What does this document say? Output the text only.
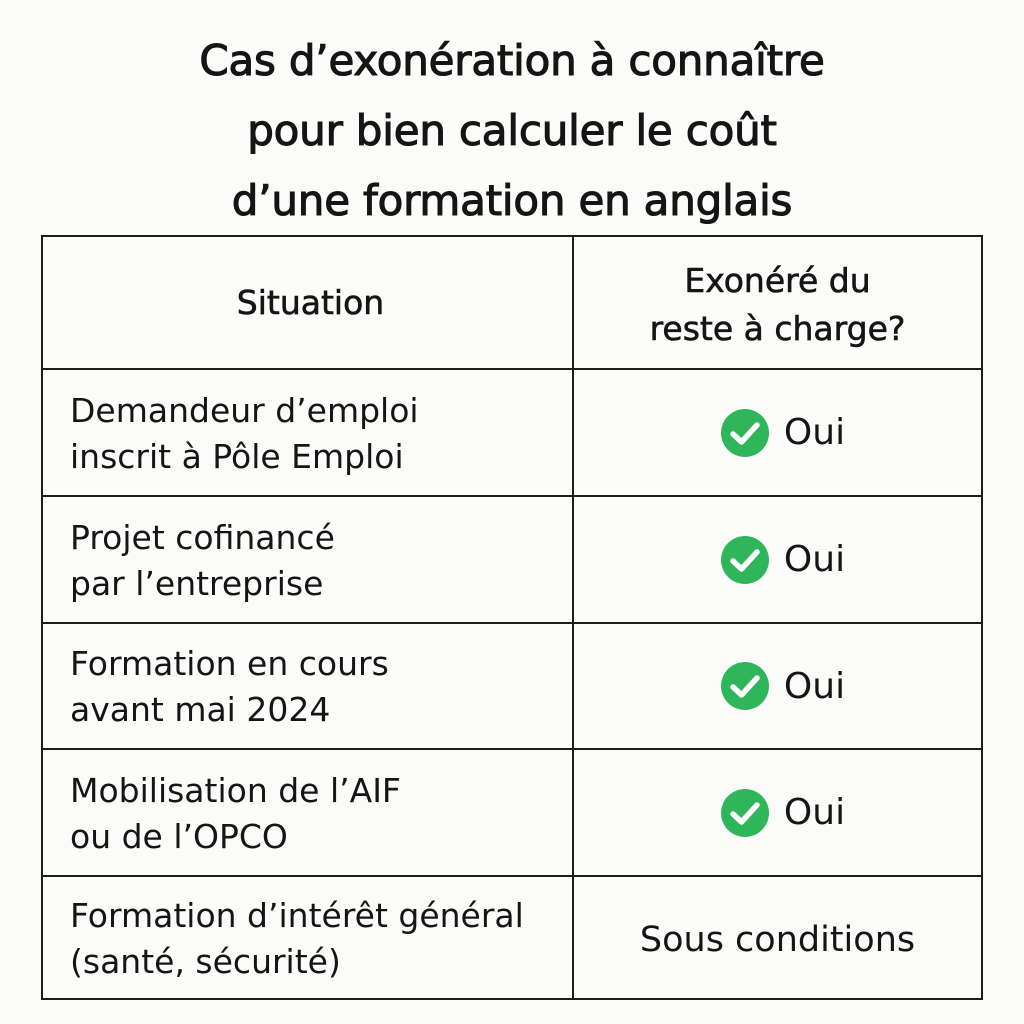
Cas d’exonération à connaître
pour bien calculer le coût
d’une formation en anglais
Situation
Exonéré du
reste à charge?
Demandeur d’emploi
inscrit à Pôle Emploi
Oui
Projet cofinancé
par l’entreprise
Oui
Formation en cours
avant mai 2024
Oui
Mobilisation de l’AIF
ou de l’OPCO
Oui
Formation d’intérêt général
(santé, sécurité)
Sous conditions
